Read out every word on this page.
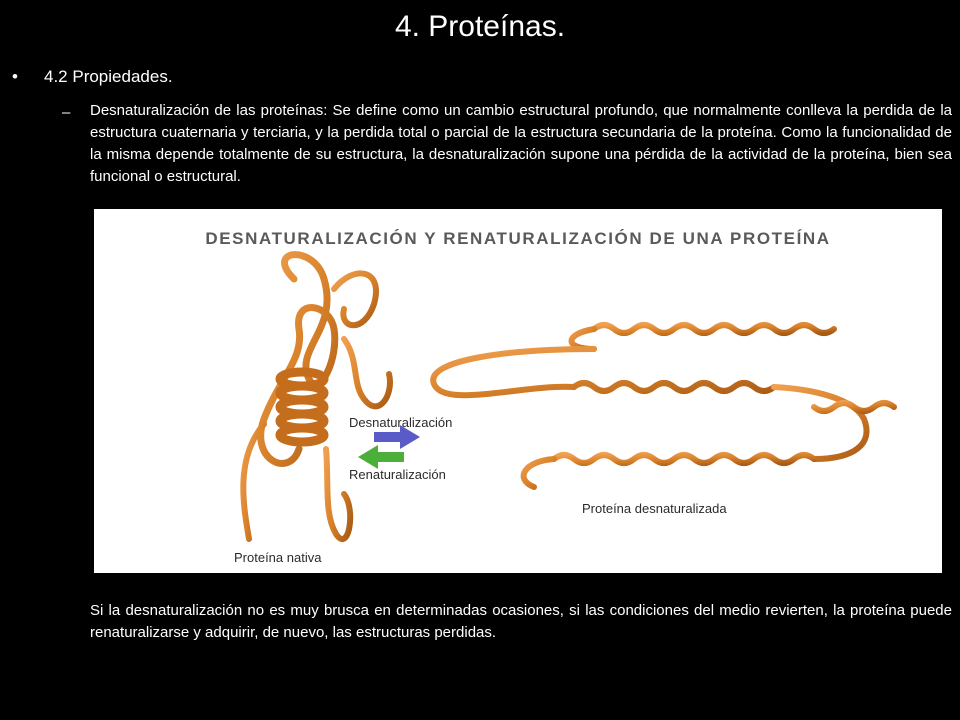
4. Proteínas.
• 4.2 Propiedades.
– Desnaturalización de las proteínas: Se define como un cambio estructural profundo, que normalmente conlleva la perdida de la estructura cuaternaria y terciaria, y la perdida total o parcial de la estructura secundaria de la proteína. Como la funcionalidad de la misma depende totalmente de su estructura, la desnaturalización supone una pérdida de la actividad de la proteína, bien sea funcional o estructural.

DESNATURALIZACIÓN Y RENATURALIZACIÓN DE UNA PROTEÍNA
Desnaturalización
Renaturalización
Proteína nativa
Proteína desnaturalizada

Si la desnaturalización no es muy brusca en determinadas ocasiones, si las condiciones del medio revierten, la proteína puede renaturalizarse y adquirir, de nuevo, las estructuras perdidas.
